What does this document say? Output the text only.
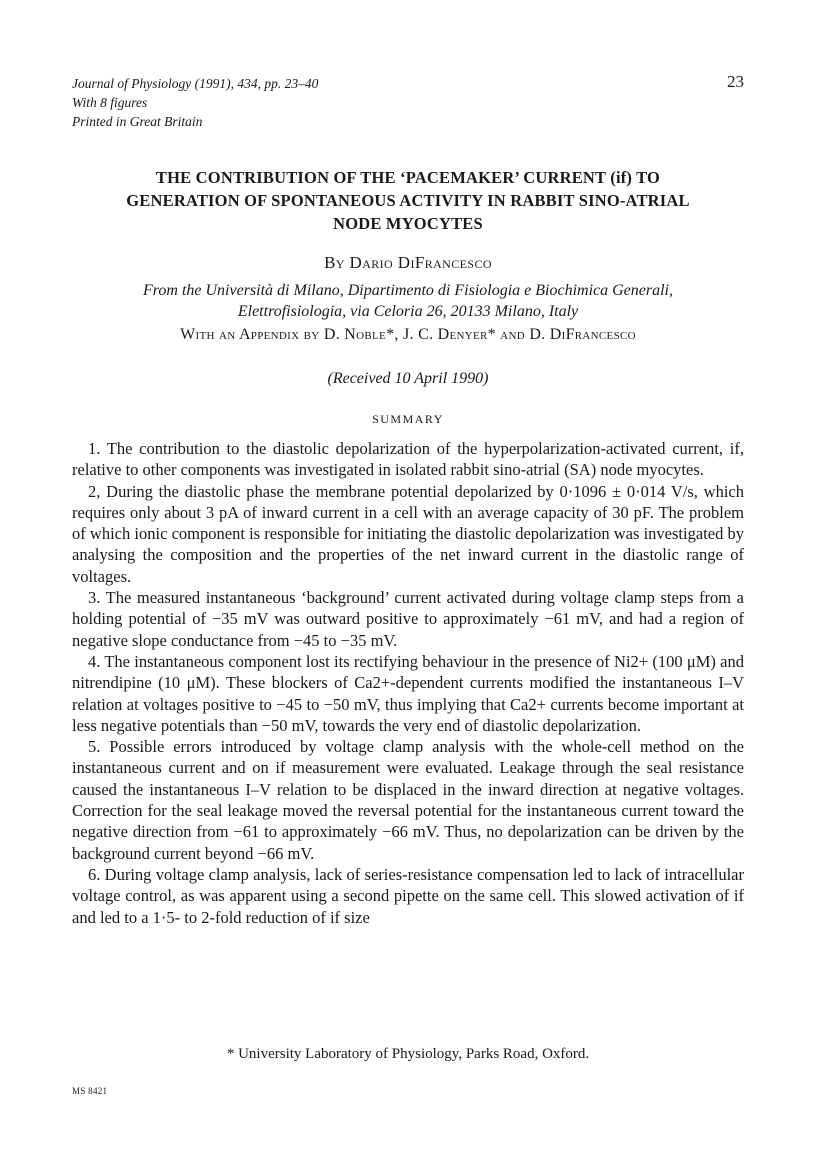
Journal of Physiology (1991), 434, pp. 23–40
With 8 figures
Printed in Great Britain
23
THE CONTRIBUTION OF THE ‘PACEMAKER’ CURRENT (if) TO
GENERATION OF SPONTANEOUS ACTIVITY IN RABBIT SINO-ATRIAL
NODE MYOCYTES
By Dario DiFrancesco
From the Università di Milano, Dipartimento di Fisiologia e Biochimica Generali,
Elettrofisiologia, via Celoria 26, 20133 Milano, Italy
With an Appendix by D. Noble*, J. C. Denyer* and D. DiFrancesco
(Received 10 April 1990)
SUMMARY

1. The contribution to the diastolic depolarization of the hyperpolarization-activated current, if, relative to other components was investigated in isolated rabbit sino-atrial (SA) node myocytes.

2, During the diastolic phase the membrane potential depolarized by 0·1096 ± 0·014 V/s, which requires only about 3 pA of inward current in a cell with an average capacity of 30 pF. The problem of which ionic component is responsible for initiating the diastolic depolarization was investigated by analysing the composition and the properties of the net inward current in the diastolic range of voltages.

3. The measured instantaneous ‘background’ current activated during voltage clamp steps from a holding potential of −35 mV was outward positive to approximately −61 mV, and had a region of negative slope conductance from −45 to −35 mV.

4. The instantaneous component lost its rectifying behaviour in the presence of Ni2+ (100 μM) and nitrendipine (10 μM). These blockers of Ca2+-dependent currents modified the instantaneous I–V relation at voltages positive to −45 to −50 mV, thus implying that Ca2+ currents become important at less negative potentials than −50 mV, towards the very end of diastolic depolarization.

5. Possible errors introduced by voltage clamp analysis with the whole-cell method on the instantaneous current and on if measurement were evaluated. Leakage through the seal resistance caused the instantaneous I–V relation to be displaced in the inward direction at negative voltages. Correction for the seal leakage moved the reversal potential for the instantaneous current toward the negative direction from −61 to approximately −66 mV. Thus, no depolarization can be driven by the background current beyond −66 mV.

6. During voltage clamp analysis, lack of series-resistance compensation led to lack of intracellular voltage control, as was apparent using a second pipette on the same cell. This slowed activation of if and led to a 1·5- to 2-fold reduction of if size

* University Laboratory of Physiology, Parks Road, Oxford.
MS 8421
